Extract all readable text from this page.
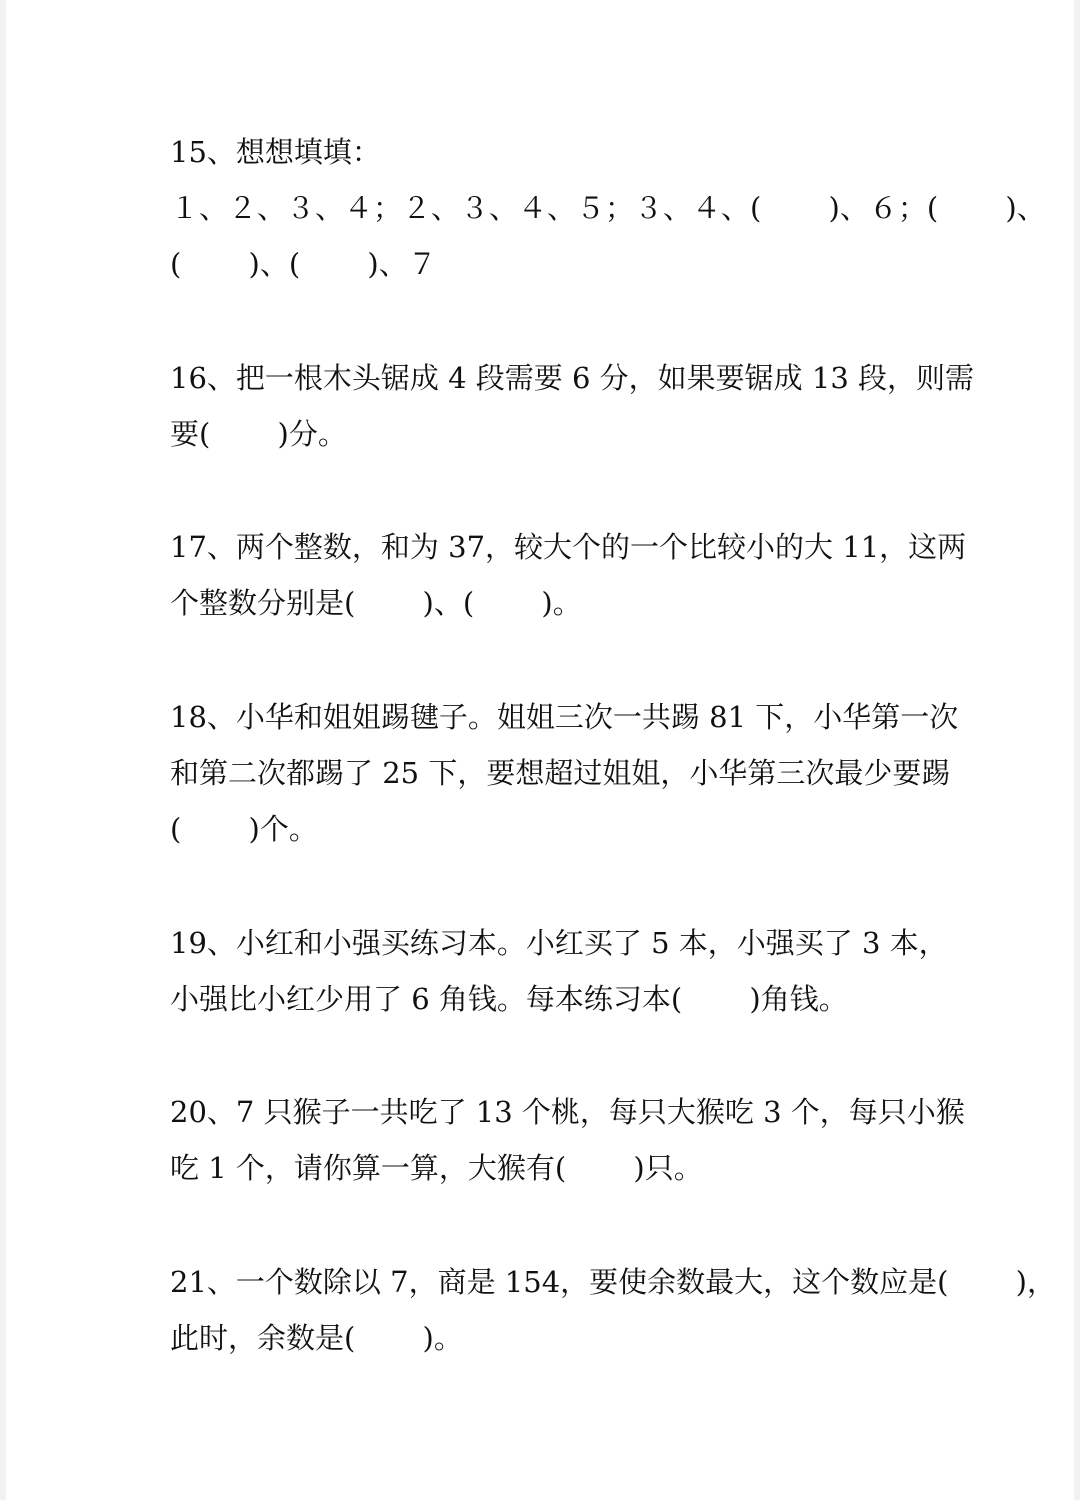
15、想想填填：
１、２、３、４；２、３、４、５；３、４、(　　 )、６；(　　 )、
(　　 )、(　　 )、７
16、把一根木头锯成 4 段需要 6 分，如果要锯成 13 段，则需
要(　　 )分。
17、两个整数，和为 37，较大个的一个比较小的大 11，这两
个整数分别是(　　 )、(　　 )。
18、小华和姐姐踢毽子。姐姐三次一共踢 81 下，小华第一次
和第二次都踢了 25 下，要想超过姐姐，小华第三次最少要踢
(　　 )个。
19、小红和小强买练习本。小红买了 5 本，小强买了 3 本，
小强比小红少用了 6 角钱。每本练习本(　　 )角钱。
20、7 只猴子一共吃了 13 个桃，每只大猴吃 3 个，每只小猴
吃 1 个，请你算一算，大猴有(　　 )只。
21、一个数除以 7，商是 154，要使余数最大，这个数应是(　　 )，
此时，余数是(　　 )。
